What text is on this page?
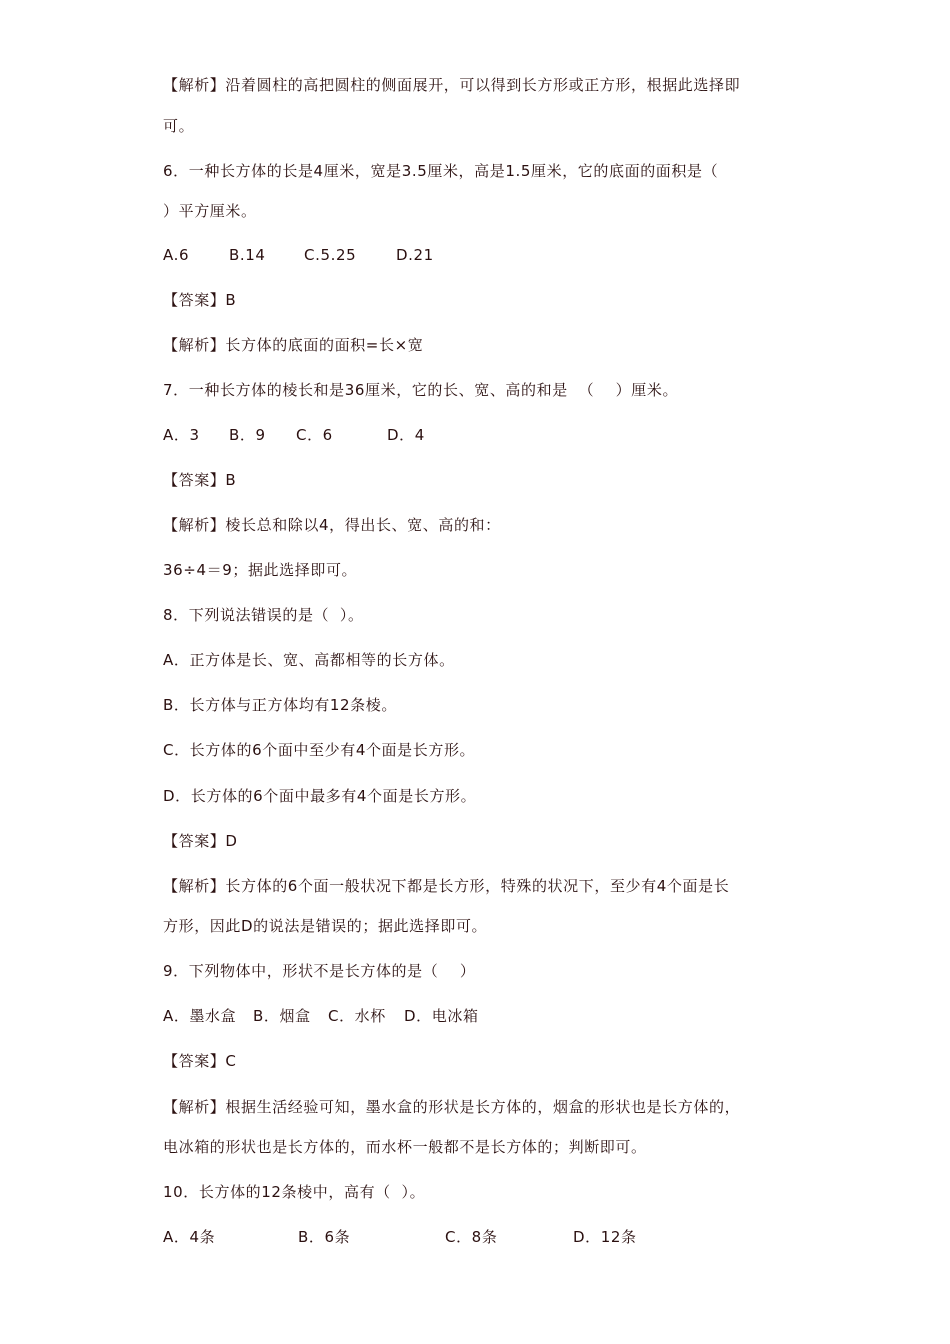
【解析】沿着圆柱的高把圆柱的侧面展开，可以得到长方形或正方形，根据此选择即
可。
6．一种长方体的长是4厘米，宽是3.5厘米，高是1.5厘米，它的底面的面积是（
）平方厘米。
A.6	B.14	C.5.25	D.21
【答案】B
【解析】长方体的底面的面积=长×宽
7．一种长方体的棱长和是36厘米，它的长、宽、高的和是  （    ）厘米。
A．3 B．9 C．6	D．4
【答案】B
【解析】棱长总和除以4，得出长、宽、高的和：
36÷4＝9；据此选择即可。
8．下列说法错误的是（  ）。
A．正方体是长、宽、高都相等的长方体。
B．长方体与正方体均有12条棱。
C．长方体的6个面中至少有4个面是长方形。
D．长方体的6个面中最多有4个面是长方形。
【答案】D
【解析】长方体的6个面一般状况下都是长方形，特殊的状况下，至少有4个面是长
方形，因此D的说法是错误的；据此选择即可。
9．下列物体中，形状不是长方体的是（    ）
A．墨水盒 B．烟盒 C．水杯 D．电冰箱
【答案】C
【解析】根据生活经验可知，墨水盒的形状是长方体的，烟盒的形状也是长方体的，
电冰箱的形状也是长方体的，而水杯一般都不是长方体的；判断即可。
10．长方体的12条棱中，高有（  ）。
A．4条	B．6条	C．8条	D．12条
